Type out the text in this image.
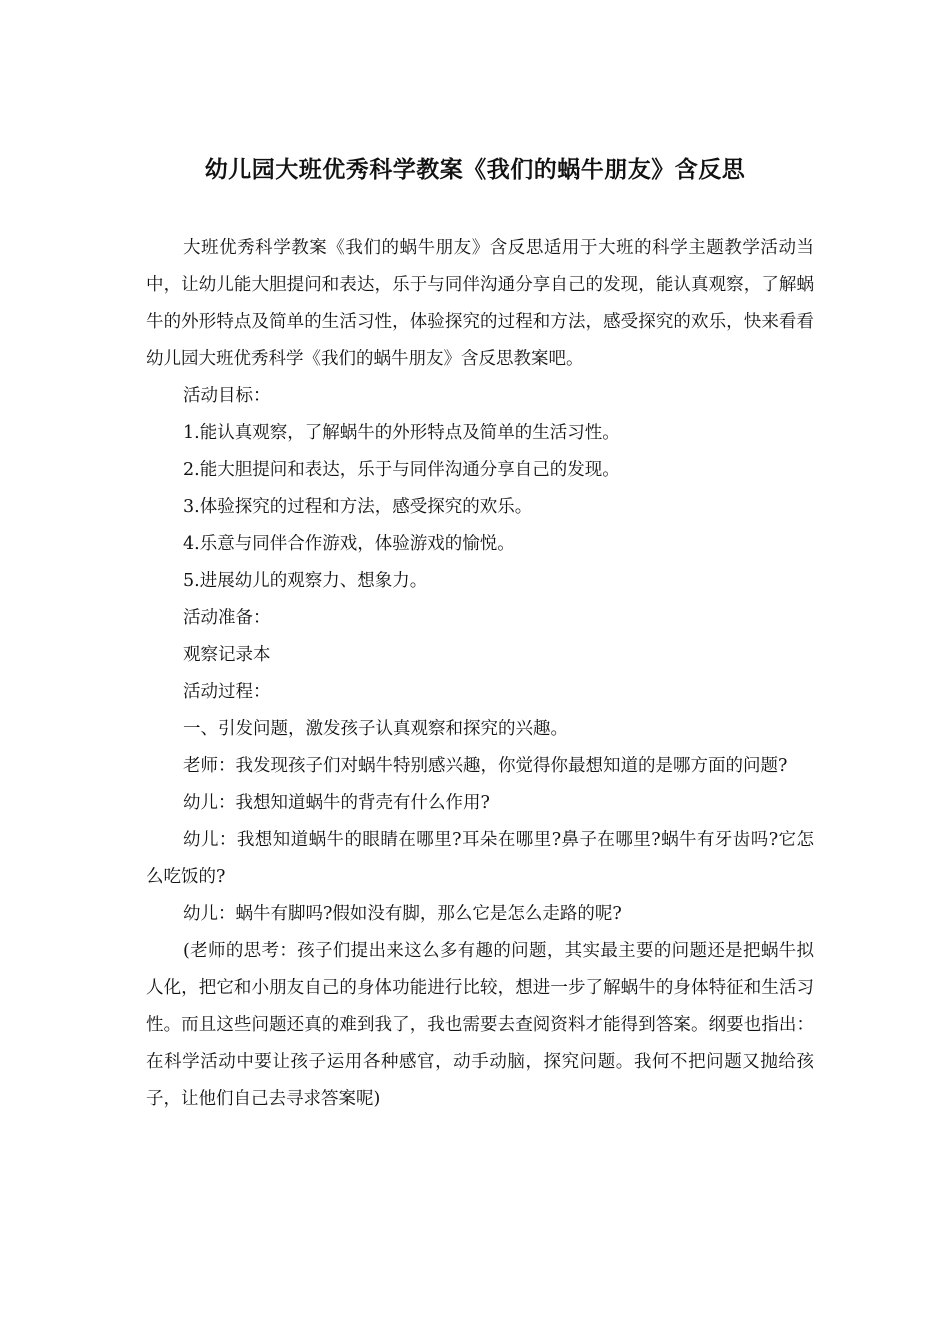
幼儿园大班优秀科学教案《我们的蜗牛朋友》含反思

大班优秀科学教案《我们的蜗牛朋友》含反思适用于大班的科学主题教学活动当中，让幼儿能大胆提问和表达，乐于与同伴沟通分享自己的发现，能认真观察，了解蜗牛的外形特点及简单的生活习性，体验探究的过程和方法，感受探究的欢乐，快来看看幼儿园大班优秀科学《我们的蜗牛朋友》含反思教案吧。

活动目标：

1.能认真观察，了解蜗牛的外形特点及简单的生活习性。

2.能大胆提问和表达，乐于与同伴沟通分享自己的发现。

3.体验探究的过程和方法，感受探究的欢乐。

4.乐意与同伴合作游戏，体验游戏的愉悦。

5.进展幼儿的观察力、想象力。

活动准备：

观察记录本

活动过程：

一、引发问题，激发孩子认真观察和探究的兴趣。

老师：我发现孩子们对蜗牛特别感兴趣，你觉得你最想知道的是哪方面的问题?

幼儿：我想知道蜗牛的背壳有什么作用?

幼儿：我想知道蜗牛的眼睛在哪里?耳朵在哪里?鼻子在哪里?蜗牛有牙齿吗?它怎么吃饭的?

幼儿：蜗牛有脚吗?假如没有脚，那么它是怎么走路的呢?

(老师的思考：孩子们提出来这么多有趣的问题，其实最主要的问题还是把蜗牛拟人化，把它和小朋友自己的身体功能进行比较，想进一步了解蜗牛的身体特征和生活习性。而且这些问题还真的难到我了，我也需要去查阅资料才能得到答案。纲要也指出：在科学活动中要让孩子运用各种感官，动手动脑，探究问题。我何不把问题又抛给孩子，让他们自己去寻求答案呢)
